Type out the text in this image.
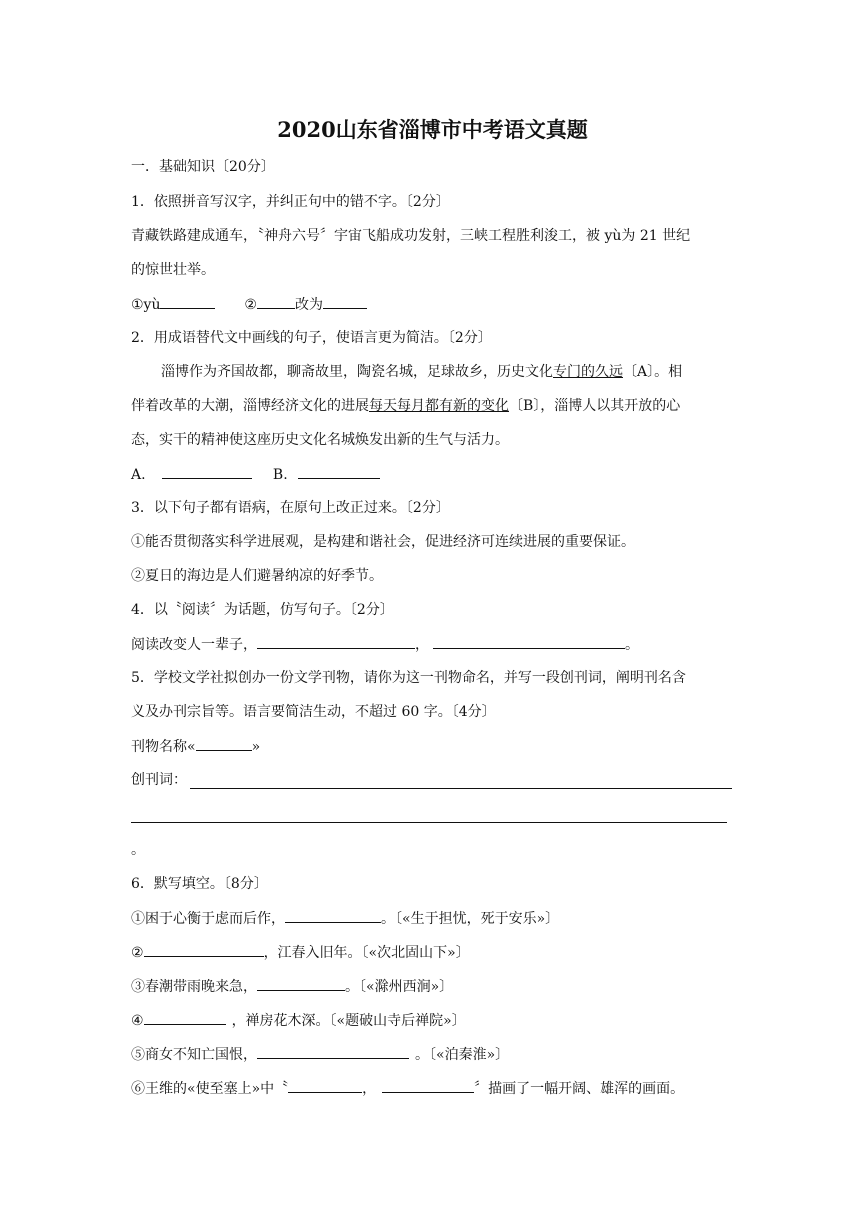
2020山东省淄博市中考语文真题
一．基础知识〔20分〕
1．依照拼音写汉字，并纠正句中的错不字。〔2分〕
青藏铁路建成通车，〝神舟六号〞宇宙飞船成功发射，三峡工程胜利浚工，被 yù为 21 世纪
的惊世壮举。
①yù	②	改为
2．用成语替代文中画线的句子，使语言更为简洁。〔2分〕
淄博作为齐国故都，聊斋故里，陶瓷名城，足球故乡，历史文化专门的久远〔A〕。相
伴着改革的大潮，淄博经济文化的进展每天每月都有新的变化〔B〕，淄博人以其开放的心
态，实干的精神使这座历史文化名城焕发出新的生气与活力。
A.	B.
3．以下句子都有语病，在原句上改正过来。〔2分〕
①能否贯彻落实科学进展观，是构建和谐社会，促进经济可连续进展的重要保证。
②夏日的海边是人们避暑纳凉的好季节。
4．以〝阅读〞为话题，仿写句子。〔2分〕
阅读改变人一辈子，	，	。
5．学校文学社拟创办一份文学刊物，请你为这一刊物命名，并写一段创刊词，阐明刊名含
义及办刊宗旨等。语言要简洁生动，不超过 60 字。〔4分〕
刊物名称«	»
创刊词：
。
6．默写填空。〔8分〕
①困于心衡于虑而后作，	。〔«生于担忧，死于安乐»〕
②	，江春入旧年。〔«次北固山下»〕
③春潮带雨晚来急，	。〔«滁州西涧»〕
④	，禅房花木深。〔«题破山寺后禅院»〕
⑤商女不知亡国恨，	。〔«泊秦淮»〕
⑥王维的«使至塞上»中〝	，	〞描画了一幅开阔、雄浑的画面。
